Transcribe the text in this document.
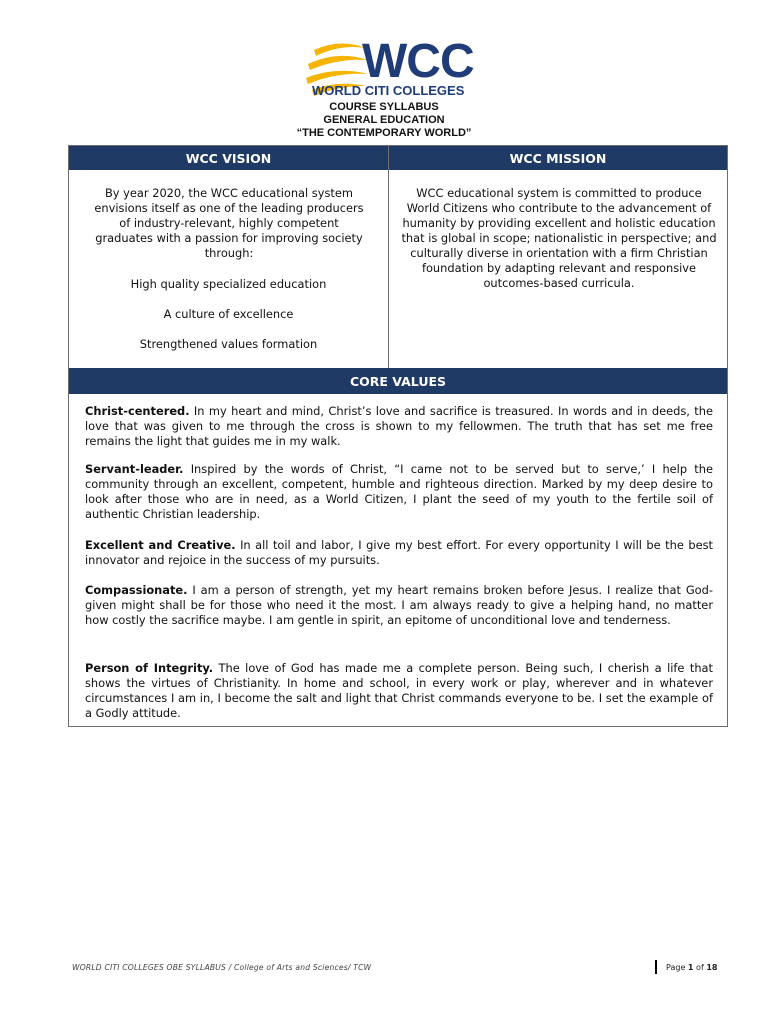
WCC
WORLD CITI COLLEGES
COURSE SYLLABUS
GENERAL EDUCATION
“THE CONTEMPORARY WORLD”
WCC VISION	WCC MISSION
By year 2020, the WCC educational system envisions itself as one of the leading producers of industry-relevant, highly competent graduates with a passion for improving society through:
High quality specialized education
A culture of excellence
Strengthened values formation
WCC educational system is committed to produce World Citizens who contribute to the advancement of humanity by providing excellent and holistic education that is global in scope; nationalistic in perspective; and culturally diverse in orientation with a firm Christian foundation by adapting relevant and responsive outcomes-based curricula.
CORE VALUES
Christ-centered. In my heart and mind, Christ’s love and sacrifice is treasured. In words and in deeds, the love that was given to me through the cross is shown to my fellowmen. The truth that has set me free remains the light that guides me in my walk.
Servant-leader. Inspired by the words of Christ, “I came not to be served but to serve,’ I help the community through an excellent, competent, humble and righteous direction. Marked by my deep desire to look after those who are in need, as a World Citizen, I plant the seed of my youth to the fertile soil of authentic Christian leadership.
Excellent and Creative. In all toil and labor, I give my best effort. For every opportunity I will be the best innovator and rejoice in the success of my pursuits.
Compassionate. I am a person of strength, yet my heart remains broken before Jesus. I realize that God-given might shall be for those who need it the most. I am always ready to give a helping hand, no matter how costly the sacrifice maybe. I am gentle in spirit, an epitome of unconditional love and tenderness.
Person of Integrity. The love of God has made me a complete person. Being such, I cherish a life that shows the virtues of Christianity. In home and school, in every work or play, wherever and in whatever circumstances I am in, I become the salt and light that Christ commands everyone to be. I set the example of a Godly attitude.
WORLD CITI COLLEGES OBE SYLLABUS / College of Arts and Sciences/ TCW	Page 1 of 18
